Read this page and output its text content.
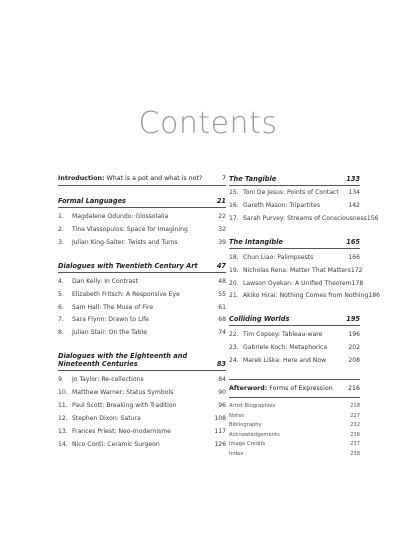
Contents
Introduction: What is a pot and what is not?	7
Formal Languages	21
1. Magdalene Odundo: Glossolalia	22
2. Tina Vlassopulos: Space for Imagining	32
3. Julian King-Salter: Twists and Turns	39
Dialogues with Twentieth Century Art	47
4. Dan Kelly: In Contrast	48
5. Elizabeth Fritsch: A Responsive Eye	55
6. Sam Hall: The Muse of Fire	61
7. Sara Flynn: Drawn to Life	68
8. Julian Stair: On the Table	74
Dialogues with the Eighteenth and
Nineteenth Centuries	83
9. Jo Taylor: Re-collections	84
10. Matthew Warner: Status Symbols	90
11. Paul Scott: Breaking with Tradition	96
12. Stephen Dixon: Satura	108
13. Frances Priest: Neo-modernisme	117
14. Nico Conti: Ceramic Surgeon	126
The Tangible	133
15. Toni De Jesus: Points of Contact 134
16. Gareth Mason: Tripartites	142
17. Sarah Purvey: Streams of Consciousness 156
The Intangible	165
18. Chun Liao: Palimpsests	166
19. Nicholas Rena: Matter That Matters 172
20. Lawson Oyekan: A Unified Theorem 178
21. Akiko Hirai: Nothing Comes from Nothing 186
Colliding Worlds	195
22. Tim Copsey: Tableau-ware	196
23. Gabriele Koch: Metaphorica	202
24. Marek Liška: Here and Now	208
Afterword: Forms of Expression 216
Artist Biographies	218
Notes	227
Bibliography	232
Acknowledgements	236
Image Credits	237
Index	238
